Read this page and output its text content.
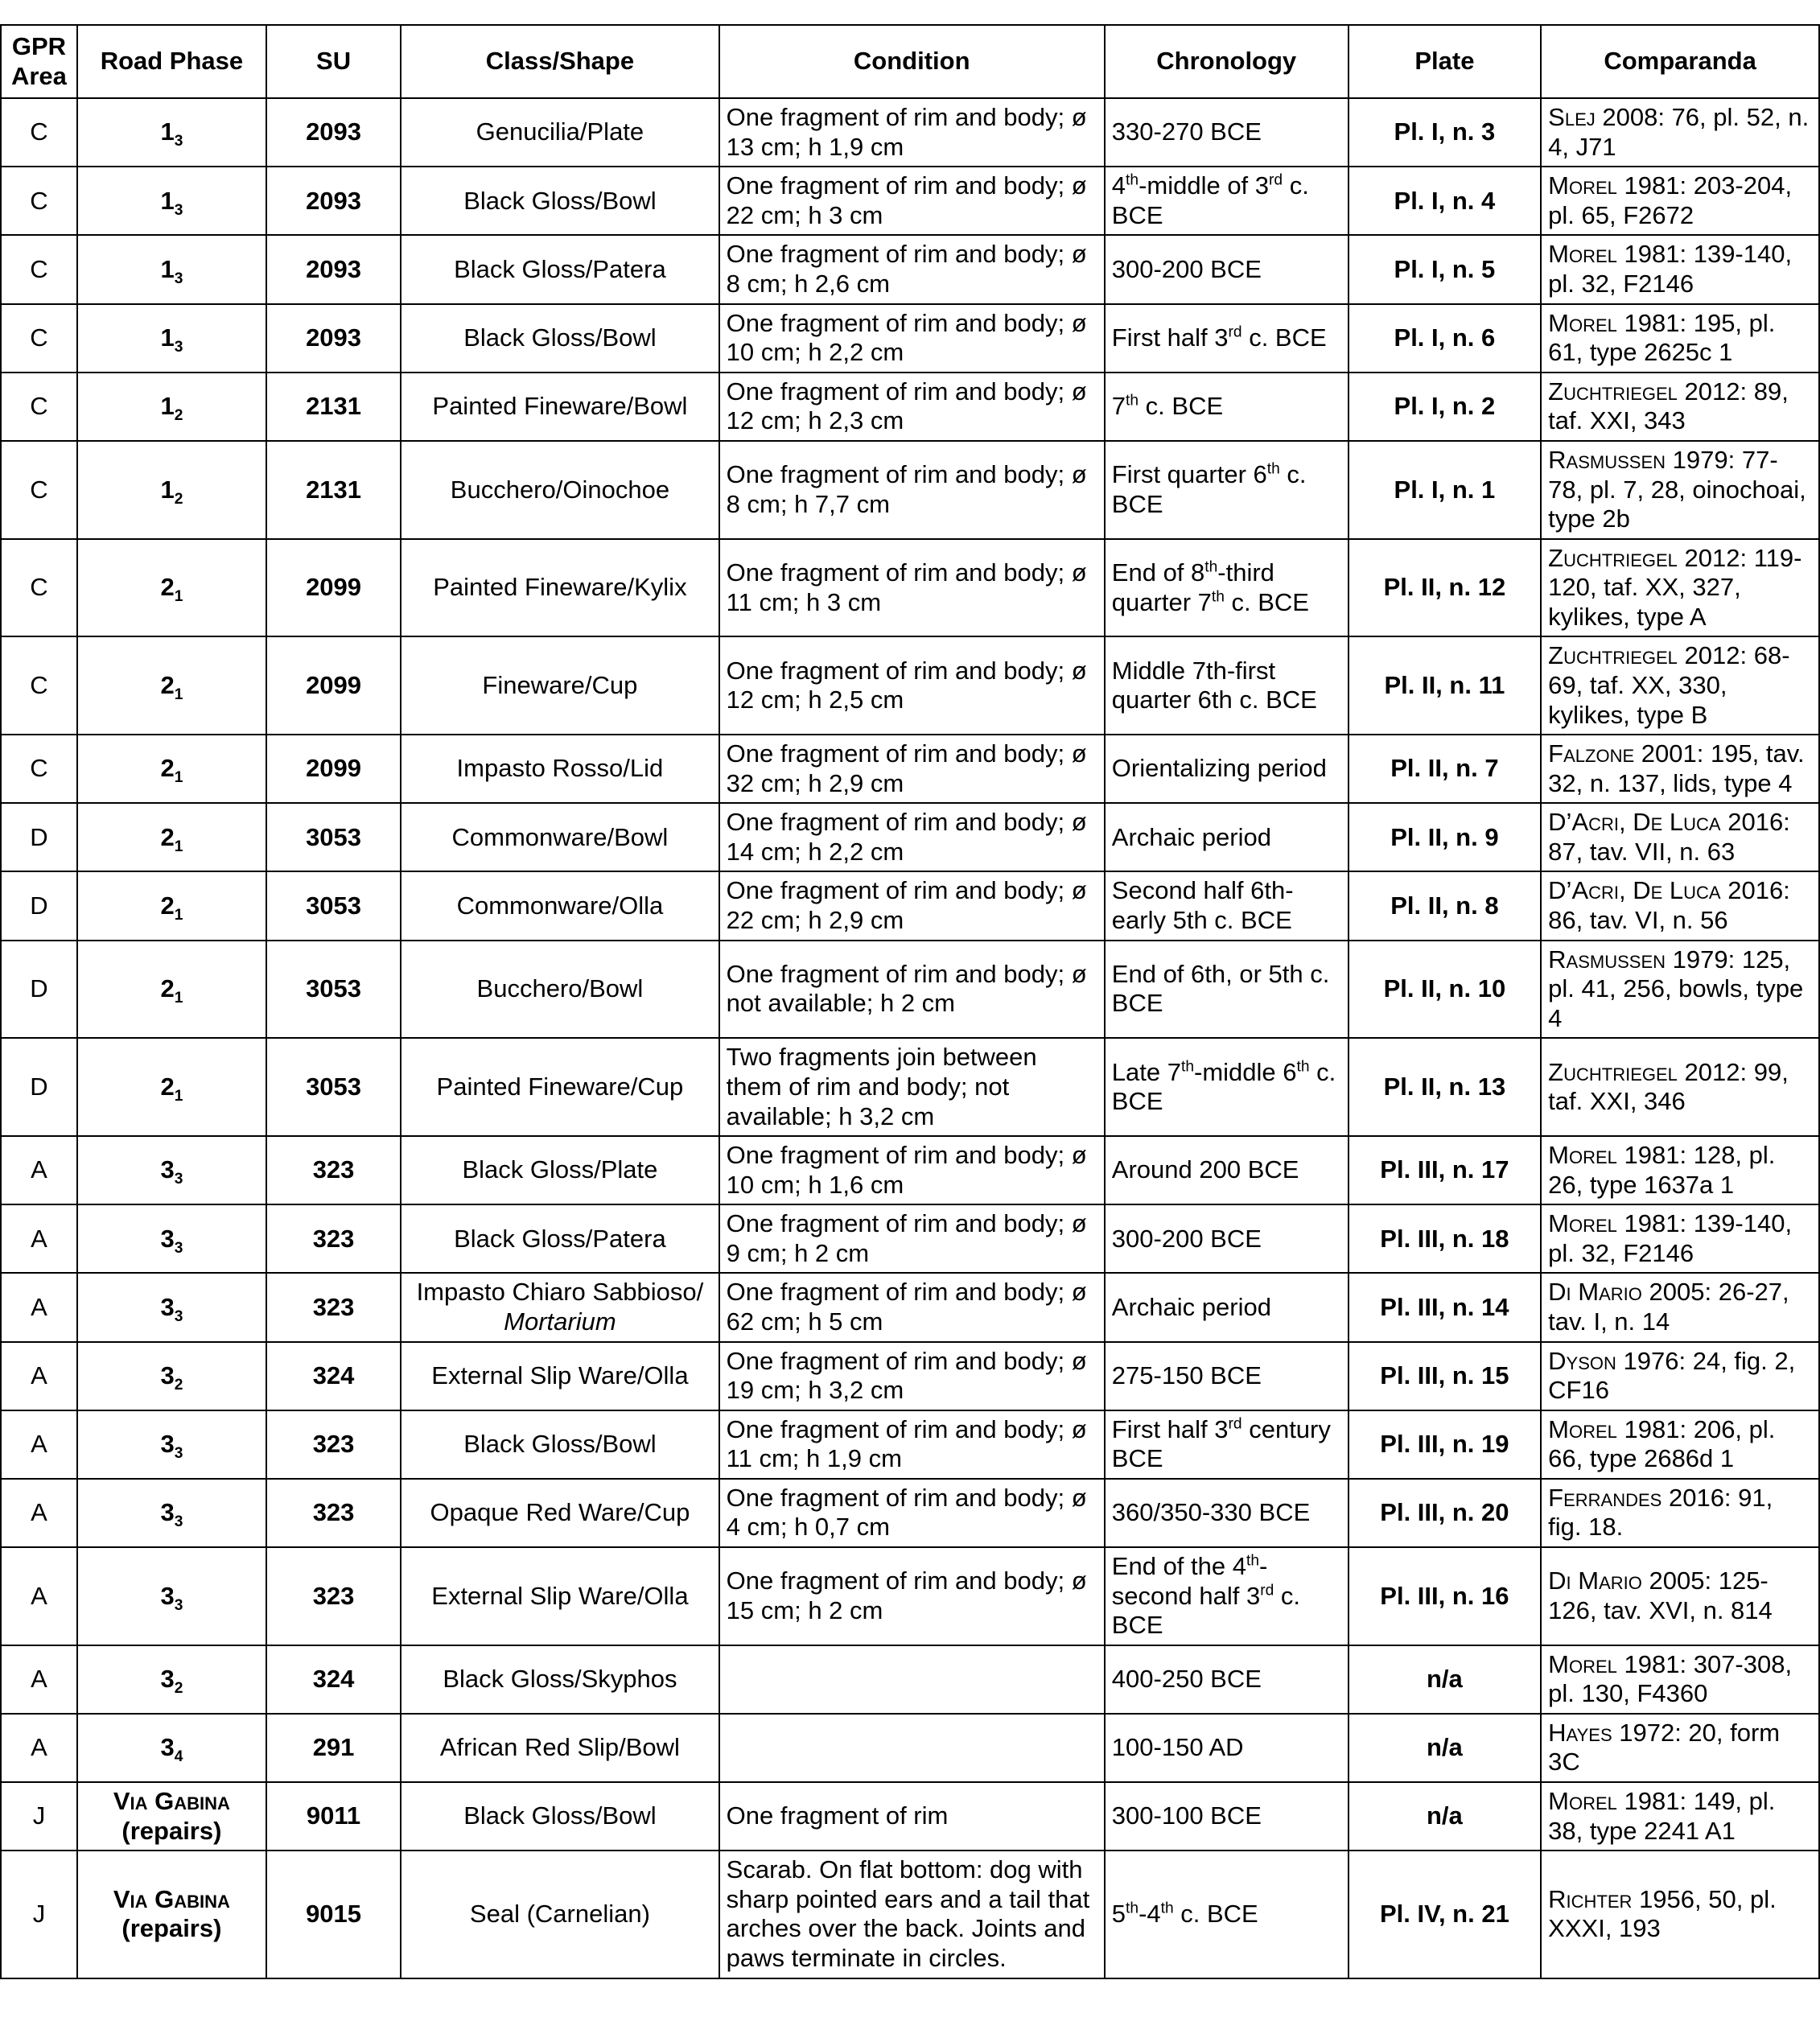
GPR Area	Road Phase	SU	Class/Shape	Condition	Chronology	Plate	Comparanda
C	$1_3$	2093	Genucilia/Plate	One fragment of rim and body; ø 13 cm; h 1,9 cm	330-270 BCE	Pl. I, n. 3	Slej 2008: 76, pl. 52, n. 4, J71
C	$1_3$	2093	Black Gloss/Bowl	One fragment of rim and body; ø 22 cm; h 3 cm	4th-middle of 3rd c. BCE	Pl. I, n. 4	Morel 1981: 203-204, pl. 65, F2672
C	$1_3$	2093	Black Gloss/Patera	One fragment of rim and body; ø 8 cm; h 2,6 cm	300-200 BCE	Pl. I, n. 5	Morel 1981: 139-140, pl. 32, F2146
C	$1_3$	2093	Black Gloss/Bowl	One fragment of rim and body; ø 10 cm; h 2,2 cm	First half 3rd c. BCE	Pl. I, n. 6	Morel 1981: 195, pl. 61, type 2625c 1
C	$1_2$	2131	Painted Fineware/Bowl	One fragment of rim and body; ø 12 cm; h 2,3 cm	7th c. BCE	Pl. I, n. 2	Zuchtriegel 2012: 89, taf. XXI, 343
C	$1_2$	2131	Bucchero/Oinochoe	One fragment of rim and body; ø 8 cm; h 7,7 cm	First quarter 6th c. BCE	Pl. I, n. 1	Rasmussen 1979: 77-78, pl. 7, 28, oinochoai, type 2b
C	$2_1$	2099	Painted Fineware/Kylix	One fragment of rim and body; ø 11 cm; h 3 cm	End of 8th-third quarter 7th c. BCE	Pl. II, n. 12	Zuchtriegel 2012: 119-120, taf. XX, 327, kylikes, type A
C	$2_1$	2099	Fineware/Cup	One fragment of rim and body; ø 12 cm; h 2,5 cm	Middle 7th-first quarter 6th c. BCE	Pl. II, n. 11	Zuchtriegel 2012: 68-69, taf. XX, 330, kylikes, type B
C	$2_1$	2099	Impasto Rosso/Lid	One fragment of rim and body; ø 32 cm; h 2,9 cm	Orientalizing period	Pl. II, n. 7	Falzone 2001: 195, tav. 32, n. 137, lids, type 4
D	$2_1$	3053	Commonware/Bowl	One fragment of rim and body; ø 14 cm; h 2,2 cm	Archaic period	Pl. II, n. 9	D’Acri, De Luca 2016: 87, tav. VII, n. 63
D	$2_1$	3053	Commonware/Olla	One fragment of rim and body; ø 22 cm; h 2,9 cm	Second half 6th-early 5th c. BCE	Pl. II, n. 8	D’Acri, De Luca 2016: 86, tav. VI, n. 56
D	$2_1$	3053	Bucchero/Bowl	One fragment of rim and body; ø not available; h 2 cm	End of 6th, or 5th c. BCE	Pl. II, n. 10	Rasmussen 1979: 125, pl. 41, 256, bowls, type 4
D	$2_1$	3053	Painted Fineware/Cup	Two fragments join between them of rim and body; not available; h 3,2 cm	Late 7th-middle 6th c. BCE	Pl. II, n. 13	Zuchtriegel 2012: 99, taf. XXI, 346
A	$3_3$	323	Black Gloss/Plate	One fragment of rim and body; ø 10 cm; h 1,6 cm	Around 200 BCE	Pl. III, n. 17	Morel 1981: 128, pl. 26, type 1637a 1
A	$3_3$	323	Black Gloss/Patera	One fragment of rim and body; ø 9 cm; h 2 cm	300-200 BCE	Pl. III, n. 18	Morel 1981: 139-140, pl. 32, F2146
A	$3_3$	323	Impasto Chiaro Sabbioso/ Mortarium	One fragment of rim and body; ø 62 cm; h 5 cm	Archaic period	Pl. III, n. 14	Di Mario 2005: 26-27, tav. I, n. 14
A	$3_2$	324	External Slip Ware/Olla	One fragment of rim and body; ø 19 cm; h 3,2 cm	275-150 BCE	Pl. III, n. 15	Dyson 1976: 24, fig. 2, CF16
A	$3_3$	323	Black Gloss/Bowl	One fragment of rim and body; ø 11 cm; h 1,9 cm	First half 3rd century BCE	Pl. III, n. 19	Morel 1981: 206, pl. 66, type 2686d 1
A	$3_3$	323	Opaque Red Ware/Cup	One fragment of rim and body; ø 4 cm; h 0,7 cm	360/350-330 BCE	Pl. III, n. 20	Ferrandes 2016: 91, fig. 18.
A	$3_3$	323	External Slip Ware/Olla	One fragment of rim and body; ø 15 cm; h 2 cm	End of the 4th-second half 3rd c. BCE	Pl. III, n. 16	Di Mario 2005: 125-126, tav. XVI, n. 814
A	$3_2$	324	Black Gloss/Skyphos		400-250 BCE	n/a	Morel 1981: 307-308, pl. 130, F4360
A	$3_4$	291	African Red Slip/Bowl		100-150 AD	n/a	Hayes 1972: 20, form 3C
J	Via Gabina (repairs)	9011	Black Gloss/Bowl	One fragment of rim	300-100 BCE	n/a	Morel 1981: 149, pl. 38, type 2241 A1
J	Via Gabina (repairs)	9015	Seal (Carnelian)	Scarab. On flat bottom: dog with sharp pointed ears and a tail that arches over the back. Joints and paws terminate in circles.	5th-4th c. BCE	Pl. IV, n. 21	Richter 1956, 50, pl. XXXI, 193
